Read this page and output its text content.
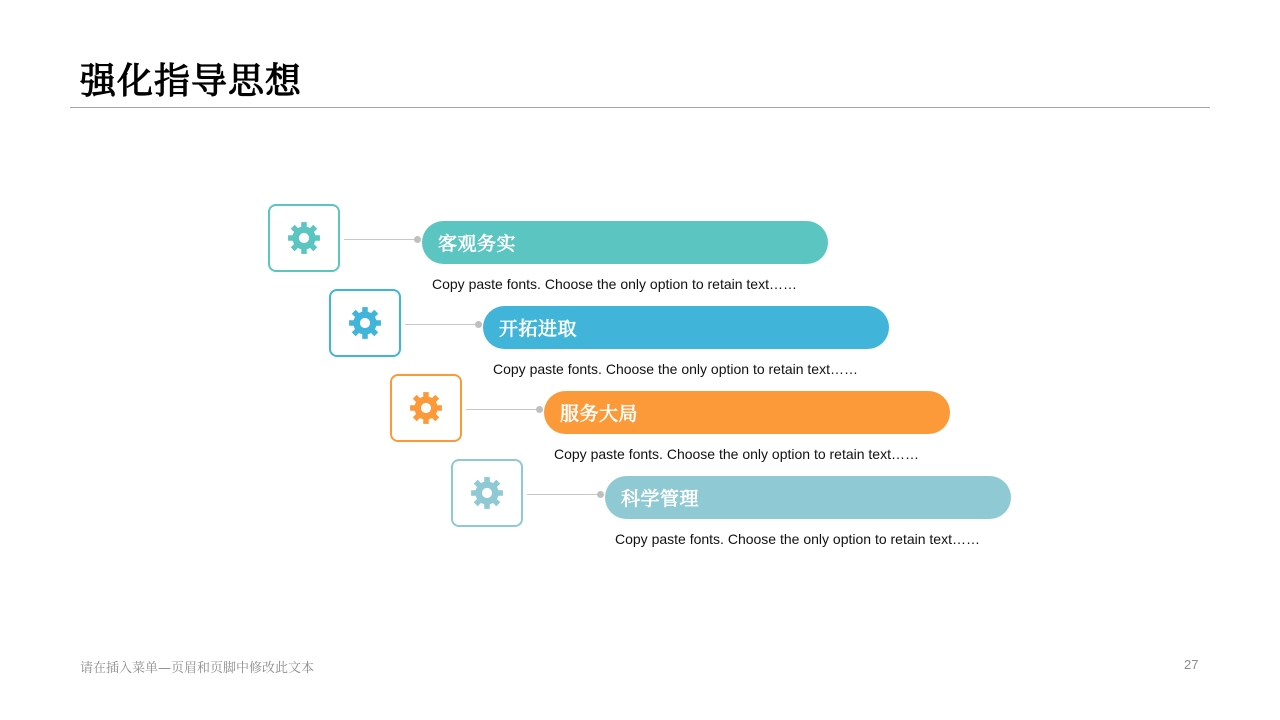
强化指导思想
客观务实
Copy paste fonts. Choose the only option to retain text……
开拓进取
Copy paste fonts. Choose the only option to retain text……
服务大局
Copy paste fonts. Choose the only option to retain text……
科学管理
Copy paste fonts. Choose the only option to retain text……
请在插入菜单—页眉和页脚中修改此文本	27
